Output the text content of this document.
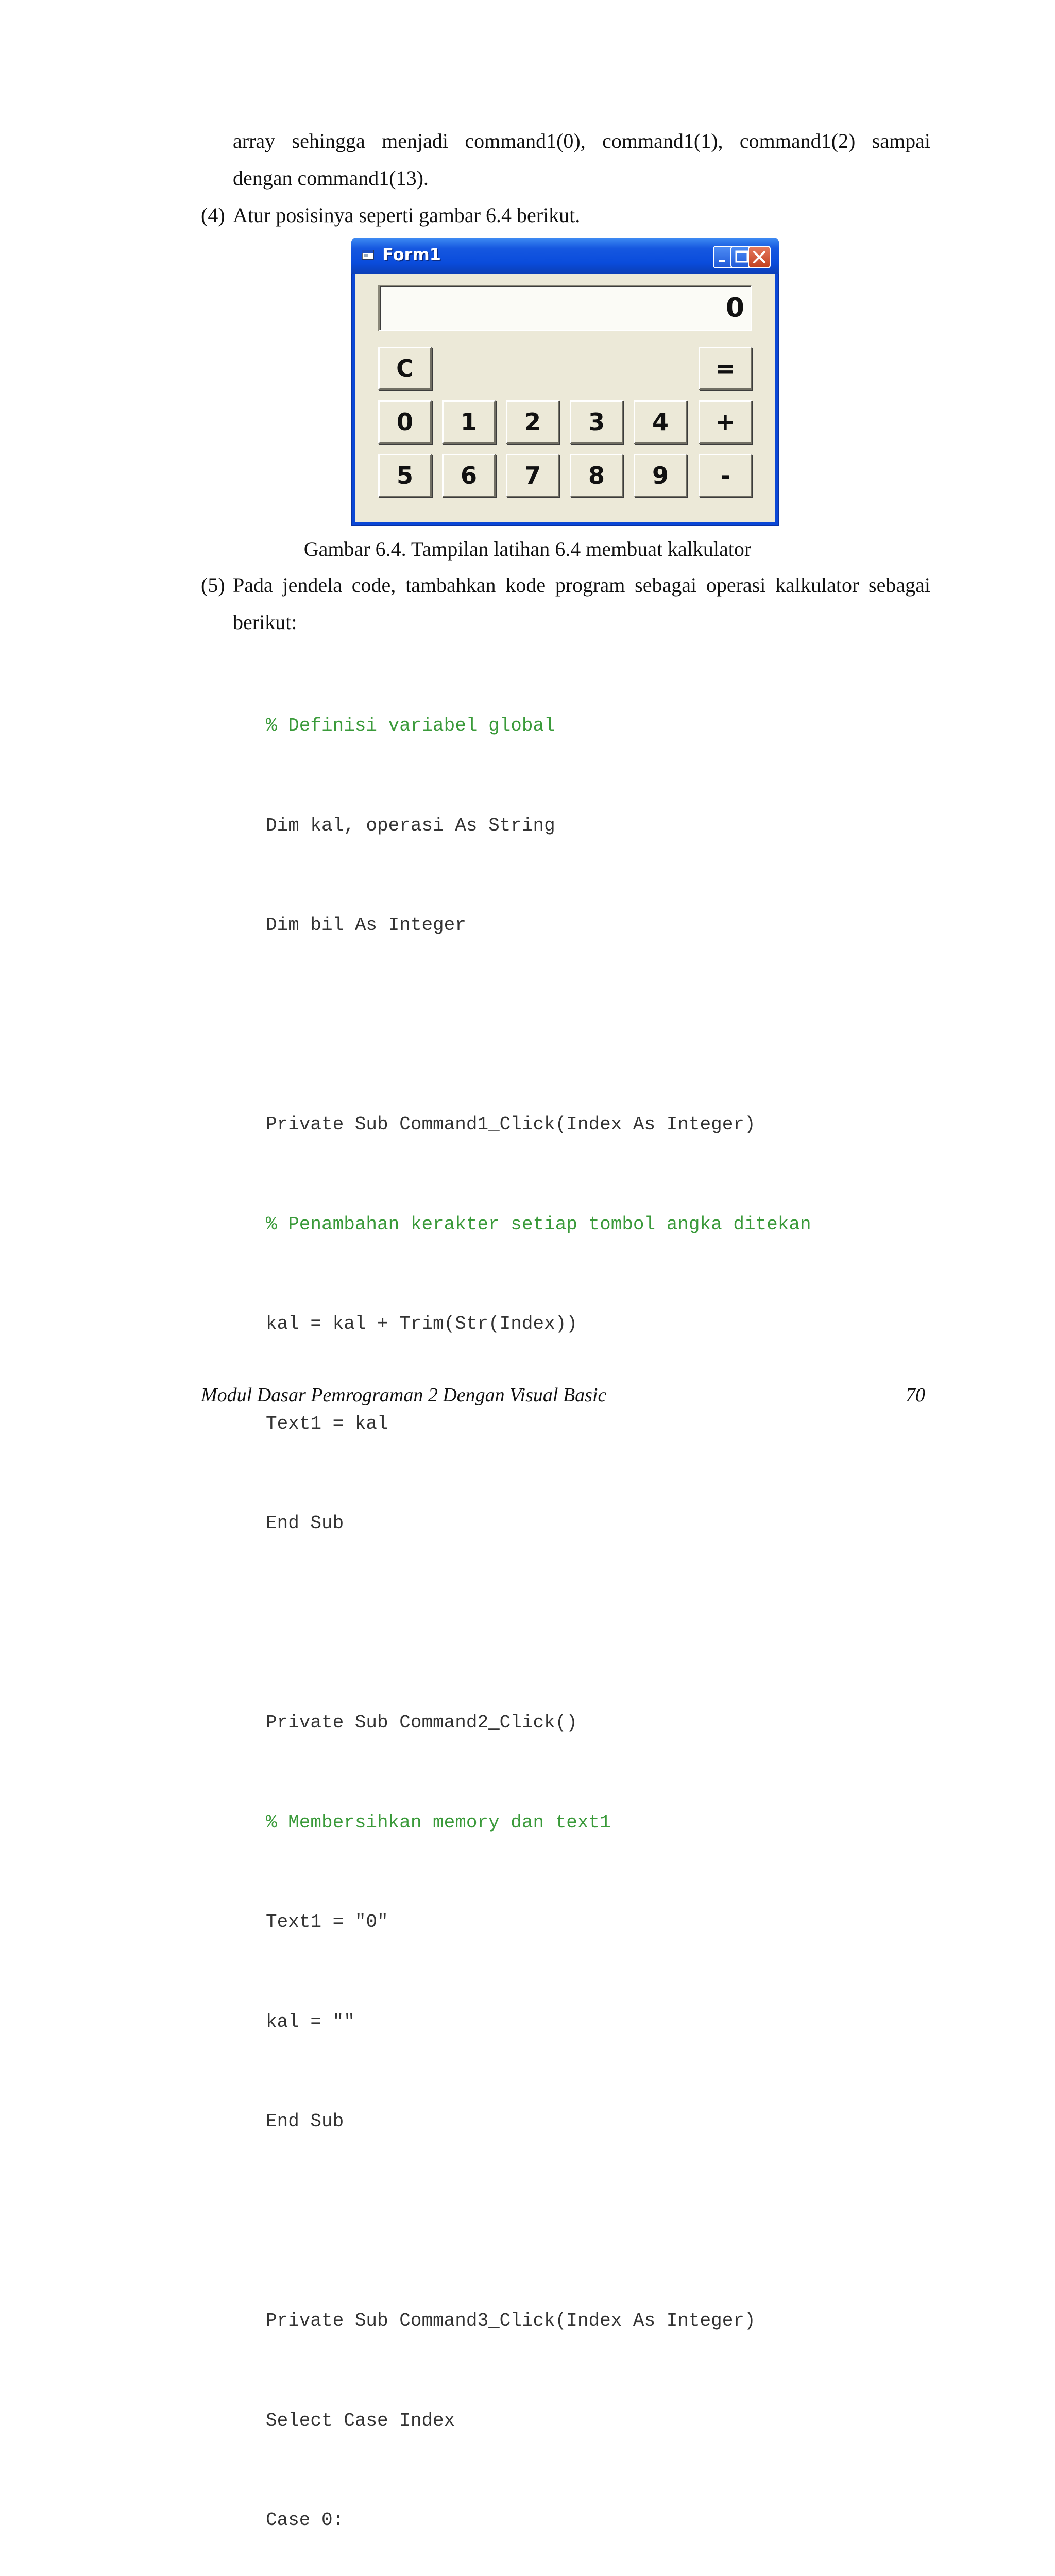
array sehingga menjadi command1(0), command1(1), command1(2) sampai
dengan command1(13).
(4) Atur posisinya seperti gambar 6.4 berikut.
Form1
0
C	=
0	1	2	3	4	+
5	6	7	8	9	-
Gambar 6.4. Tampilan latihan 6.4 membuat kalkulator
(5) Pada jendela code, tambahkan kode program sebagai operasi kalkulator sebagai
berikut:

% Definisi variabel global

Dim kal, operasi As String

Dim bil As Integer

Private Sub Command1_Click(Index As Integer)

% Penambahan kerakter setiap tombol angka ditekan

kal = kal + Trim(Str(Index))

Text1 = kal

End Sub

Private Sub Command2_Click()

% Membersihkan memory dan text1

Text1 = "0"

kal = ""

End Sub

Private Sub Command3_Click(Index As Integer)

Select Case Index

Case 0:

Modul Dasar Pemrograman 2 Dengan Visual Basic	70
